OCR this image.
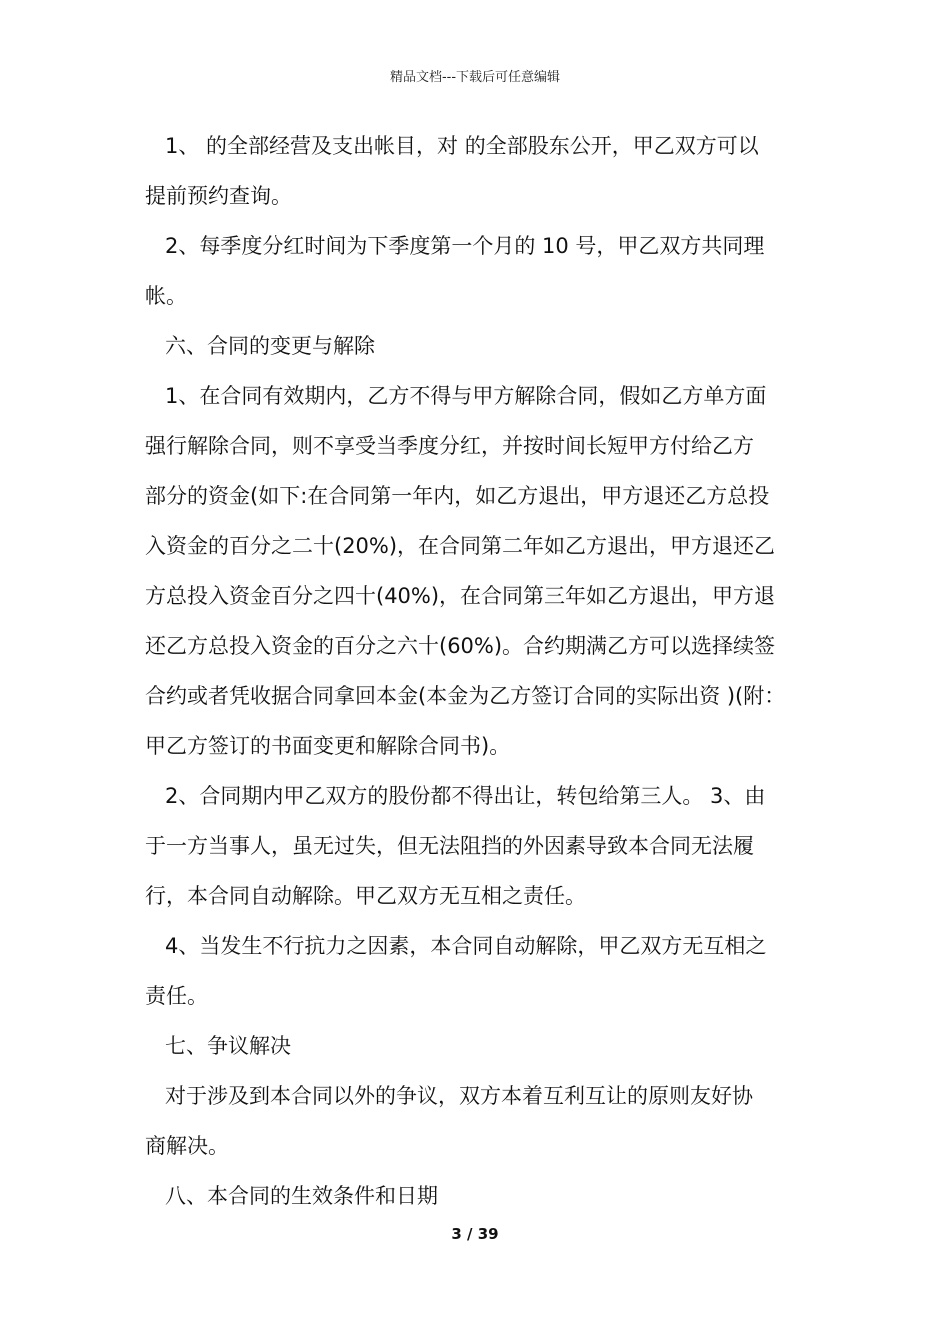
精品文档---下载后可任意编辑
1、 的全部经营及支出帐目，对 的全部股东公开，甲乙双方可以
提前预约查询。
2、每季度分红时间为下季度第一个月的 10 号，甲乙双方共同理
帐。
六、合同的变更与解除
1、在合同有效期内，乙方不得与甲方解除合同，假如乙方单方面
强行解除合同，则不享受当季度分红，并按时间长短甲方付给乙方
部分的资金(如下:在合同第一年内，如乙方退出，甲方退还乙方总投
入资金的百分之二十(20%)，在合同第二年如乙方退出，甲方退还乙
方总投入资金百分之四十(40%)，在合同第三年如乙方退出，甲方退
还乙方总投入资金的百分之六十(60%)。合约期满乙方可以选择续签
合约或者凭收据合同拿回本金(本金为乙方签订合同的实际出资 )(附：
甲乙方签订的书面变更和解除合同书)。
2、合同期内甲乙双方的股份都不得出让，转包给第三人。 3、由
于一方当事人，虽无过失，但无法阻挡的外因素导致本合同无法履
行，本合同自动解除。甲乙双方无互相之责任。
4、当发生不行抗力之因素，本合同自动解除，甲乙双方无互相之
责任。
七、争议解决
对于涉及到本合同以外的争议，双方本着互利互让的原则友好协
商解决。
八、本合同的生效条件和日期
3 / 39
